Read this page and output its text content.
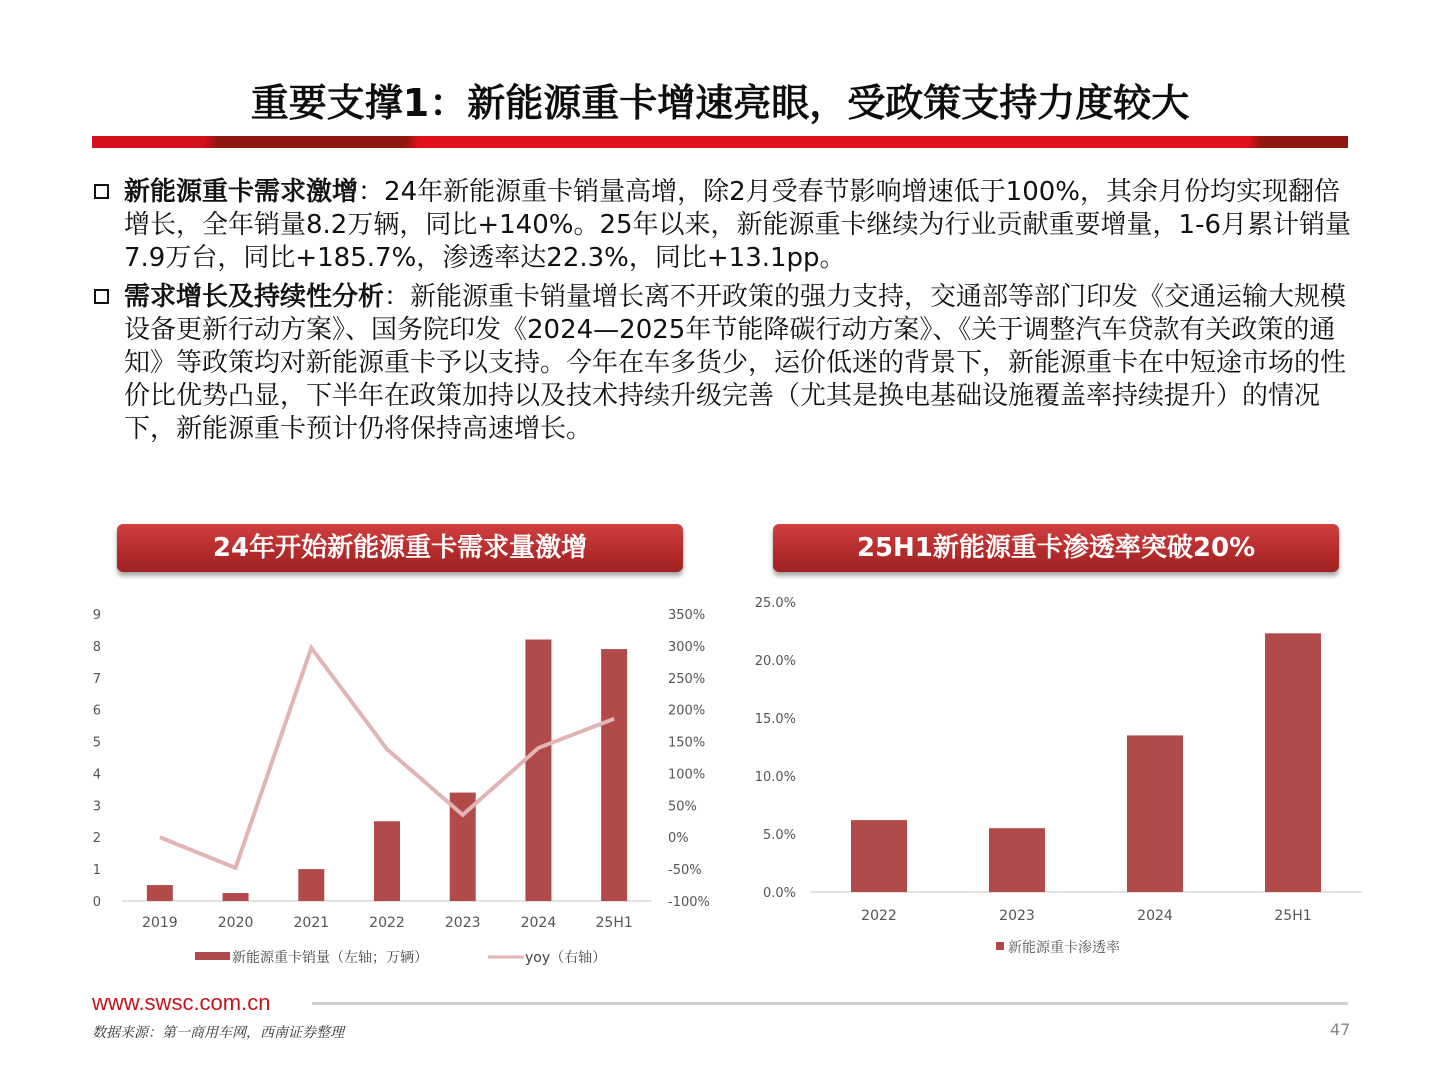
重要支撑1：新能源重卡增速亮眼，受政策支持力度较大
新能源重卡需求激增：24年新能源重卡销量高增，除2月受春节影响增速低于100%，其余月份均实现翻倍增长，全年销量8.2万辆，同比+140%。25年以来，新能源重卡继续为行业贡献重要增量，1-6月累计销量7.9万台，同比+185.7%，渗透率达22.3%，同比+13.1pp。
需求增长及持续性分析：新能源重卡销量增长离不开政策的强力支持，交通部等部门印发《交通运输大规模设备更新行动方案》、国务院印发《2024—2025年节能降碳行动方案》、《关于调整汽车贷款有关政策的通知》等政策均对新能源重卡予以支持。今年在车多货少，运价低迷的背景下，新能源重卡在中短途市场的性价比优势凸显，下半年在政策加持以及技术持续升级完善（尤其是换电基础设施覆盖率持续提升）的情况下，新能源重卡预计仍将保持高速增长。
24年开始新能源重卡需求量激增	25H1新能源重卡渗透率突破20%
0
1
2
3
4
5
6
7
8
9
-100%
-50%
0%
50%
100%
150%
200%
250%
300%
350%
2019	2020	2021	2022	2023	2024	25H1
新能源重卡销量（左轴；万辆）	yoy（右轴）
0.0%
5.0%
10.0%
15.0%
20.0%
25.0%
2022	2023	2024	25H1
新能源重卡渗透率
www.swsc.com.cn
数据来源：第一商用车网，西南证券整理	47
